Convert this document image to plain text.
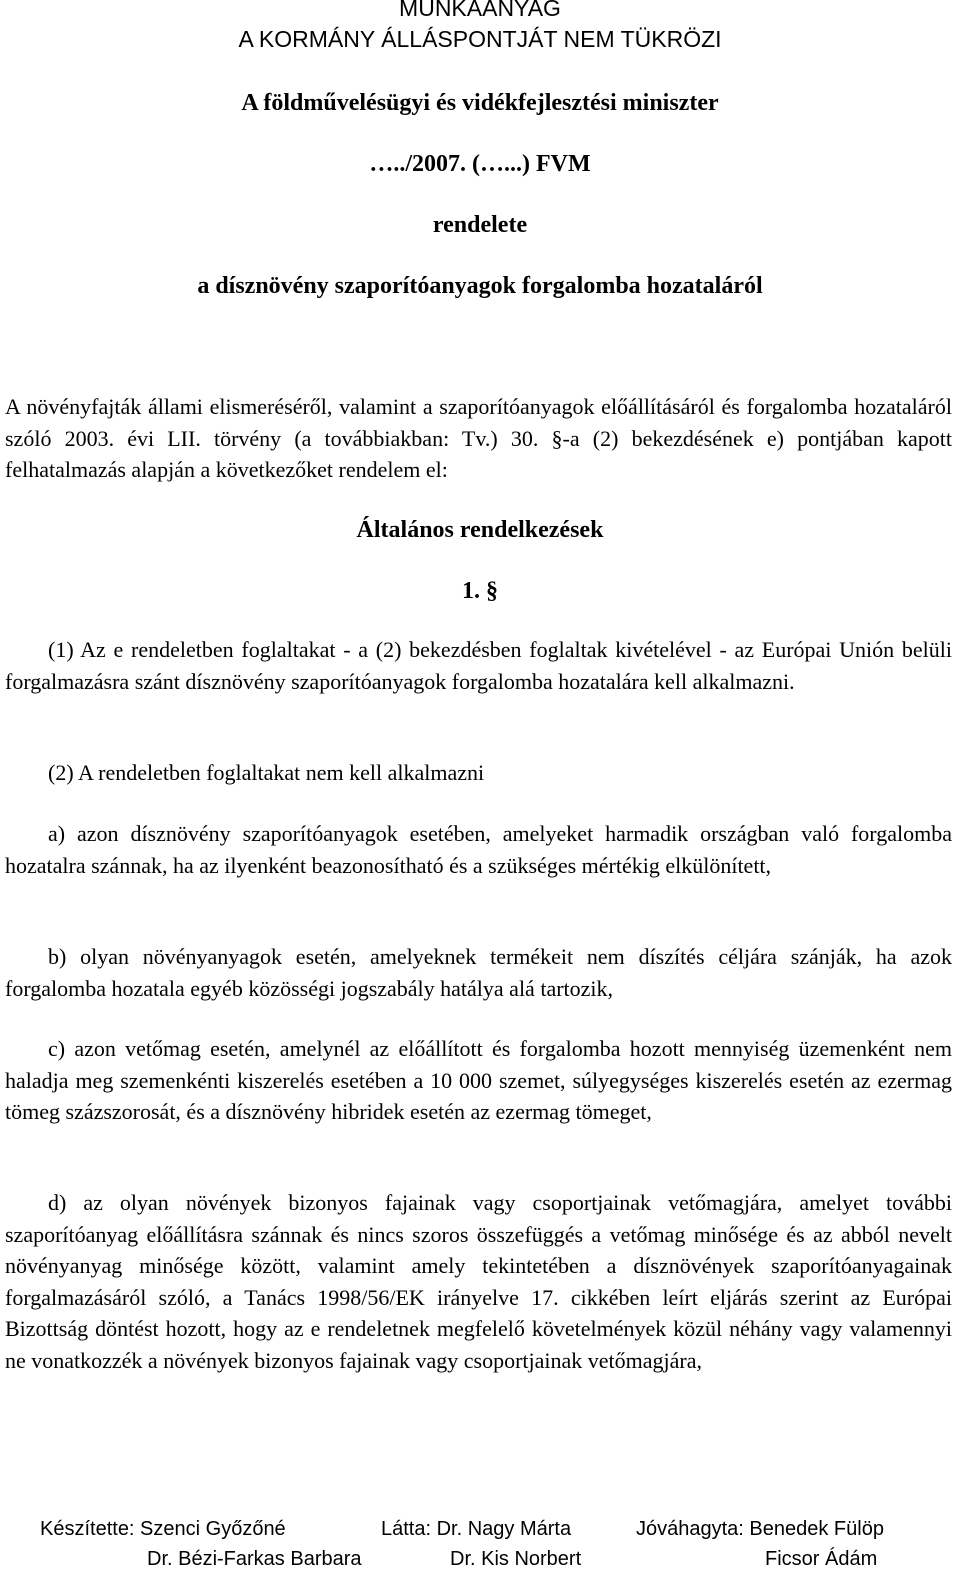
MUNKAANYAG
A KORMÁNY ÁLLÁSPONTJÁT NEM TÜKRÖZI
A földművelésügyi és vidékfejlesztési miniszter
…../2007. (…...) FVM
rendelete
a dísznövény szaporítóanyagok forgalomba hozataláról
A növényfajták állami elismeréséről, valamint a szaporítóanyagok előállításáról és forgalomba hozataláról szóló 2003. évi LII. törvény (a továbbiakban: Tv.) 30. §-a (2) bekezdésének e) pontjában kapott felhatalmazás alapján a következőket rendelem el:
Általános rendelkezések
1. §
(1) Az e rendeletben foglaltakat - a (2) bekezdésben foglaltak kivételével - az Európai Unión belüli forgalmazásra szánt dísznövény szaporítóanyagok forgalomba hozatalára kell alkalmazni.
(2) A rendeletben foglaltakat nem kell alkalmazni
a) azon dísznövény szaporítóanyagok esetében, amelyeket harmadik országban való forgalomba hozatalra szánnak, ha az ilyenként beazonosítható és a szükséges mértékig elkülönített,
b) olyan növényanyagok esetén, amelyeknek termékeit nem díszítés céljára szánják, ha azok forgalomba hozatala egyéb közösségi jogszabály hatálya alá tartozik,
c) azon vetőmag esetén, amelynél az előállított és forgalomba hozott mennyiség üzemenként nem haladja meg szemenkénti kiszerelés esetében a 10 000 szemet, súlyegységes kiszerelés esetén az ezermag tömeg százszorosát, és a dísznövény hibridek esetén az ezermag tömeget,
d) az olyan növények bizonyos fajainak vagy csoportjainak vetőmagjára, amelyet további szaporítóanyag előállításra szánnak és nincs szoros összefüggés a vetőmag minősége és az abból nevelt növényanyag minősége között, valamint amely tekintetében a dísznövények szaporítóanyagainak forgalmazásáról szóló, a Tanács 1998/56/EK irányelve 17. cikkében leírt eljárás szerint az Európai Bizottság döntést hozott, hogy az e rendeletnek megfelelő követelmények közül néhány vagy valamennyi ne vonatkozzék a növények bizonyos fajainak vagy csoportjainak vetőmagjára,
Készítette: Szenci Győzőné	Látta: Dr. Nagy Márta	Jóváhagyta: Benedek Fülöp
Dr. Bézi-Farkas Barbara	Dr. Kis Norbert	Ficsor Ádám
